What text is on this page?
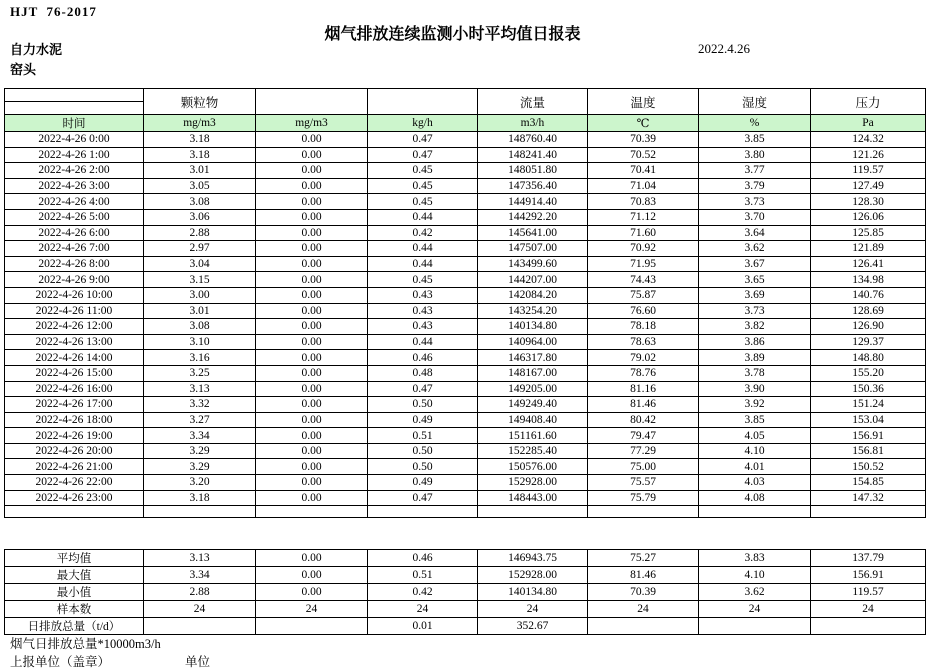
HJT  76-2017
烟气排放连续监测小时平均值日报表
2022.4.26
自力水泥
窑头
	颗粒物			流量	温度	湿度	压力

时间	mg/m3	mg/m3	kg/h	m3/h	℃	%	Pa
2022-4-26 0:00	3.18	0.00	0.47	148760.40	70.39	3.85	124.32
2022-4-26 1:00	3.18	0.00	0.47	148241.40	70.52	3.80	121.26
2022-4-26 2:00	3.01	0.00	0.45	148051.80	70.41	3.77	119.57
2022-4-26 3:00	3.05	0.00	0.45	147356.40	71.04	3.79	127.49
2022-4-26 4:00	3.08	0.00	0.45	144914.40	70.83	3.73	128.30
2022-4-26 5:00	3.06	0.00	0.44	144292.20	71.12	3.70	126.06
2022-4-26 6:00	2.88	0.00	0.42	145641.00	71.60	3.64	125.85
2022-4-26 7:00	2.97	0.00	0.44	147507.00	70.92	3.62	121.89
2022-4-26 8:00	3.04	0.00	0.44	143499.60	71.95	3.67	126.41
2022-4-26 9:00	3.15	0.00	0.45	144207.00	74.43	3.65	134.98
2022-4-26 10:00	3.00	0.00	0.43	142084.20	75.87	3.69	140.76
2022-4-26 11:00	3.01	0.00	0.43	143254.20	76.60	3.73	128.69
2022-4-26 12:00	3.08	0.00	0.43	140134.80	78.18	3.82	126.90
2022-4-26 13:00	3.10	0.00	0.44	140964.00	78.63	3.86	129.37
2022-4-26 14:00	3.16	0.00	0.46	146317.80	79.02	3.89	148.80
2022-4-26 15:00	3.25	0.00	0.48	148167.00	78.76	3.78	155.20
2022-4-26 16:00	3.13	0.00	0.47	149205.00	81.16	3.90	150.36
2022-4-26 17:00	3.32	0.00	0.50	149249.40	81.46	3.92	151.24
2022-4-26 18:00	3.27	0.00	0.49	149408.40	80.42	3.85	153.04
2022-4-26 19:00	3.34	0.00	0.51	151161.60	79.47	4.05	156.91
2022-4-26 20:00	3.29	0.00	0.50	152285.40	77.29	4.10	156.81
2022-4-26 21:00	3.29	0.00	0.50	150576.00	75.00	4.01	150.52
2022-4-26 22:00	3.20	0.00	0.49	152928.00	75.57	4.03	154.85
2022-4-26 23:00	3.18	0.00	0.47	148443.00	75.79	4.08	147.32

平均值	3.13	0.00	0.46	146943.75	75.27	3.83	137.79
最大值	3.34	0.00	0.51	152928.00	81.46	4.10	156.91
最小值	2.88	0.00	0.42	140134.80	70.39	3.62	119.57
样本数	24	24	24	24	24	24	24
日排放总量（t/d）			0.01	352.67			
烟气日排放总量*10000m3/h
上报单位（盖章）	单位
